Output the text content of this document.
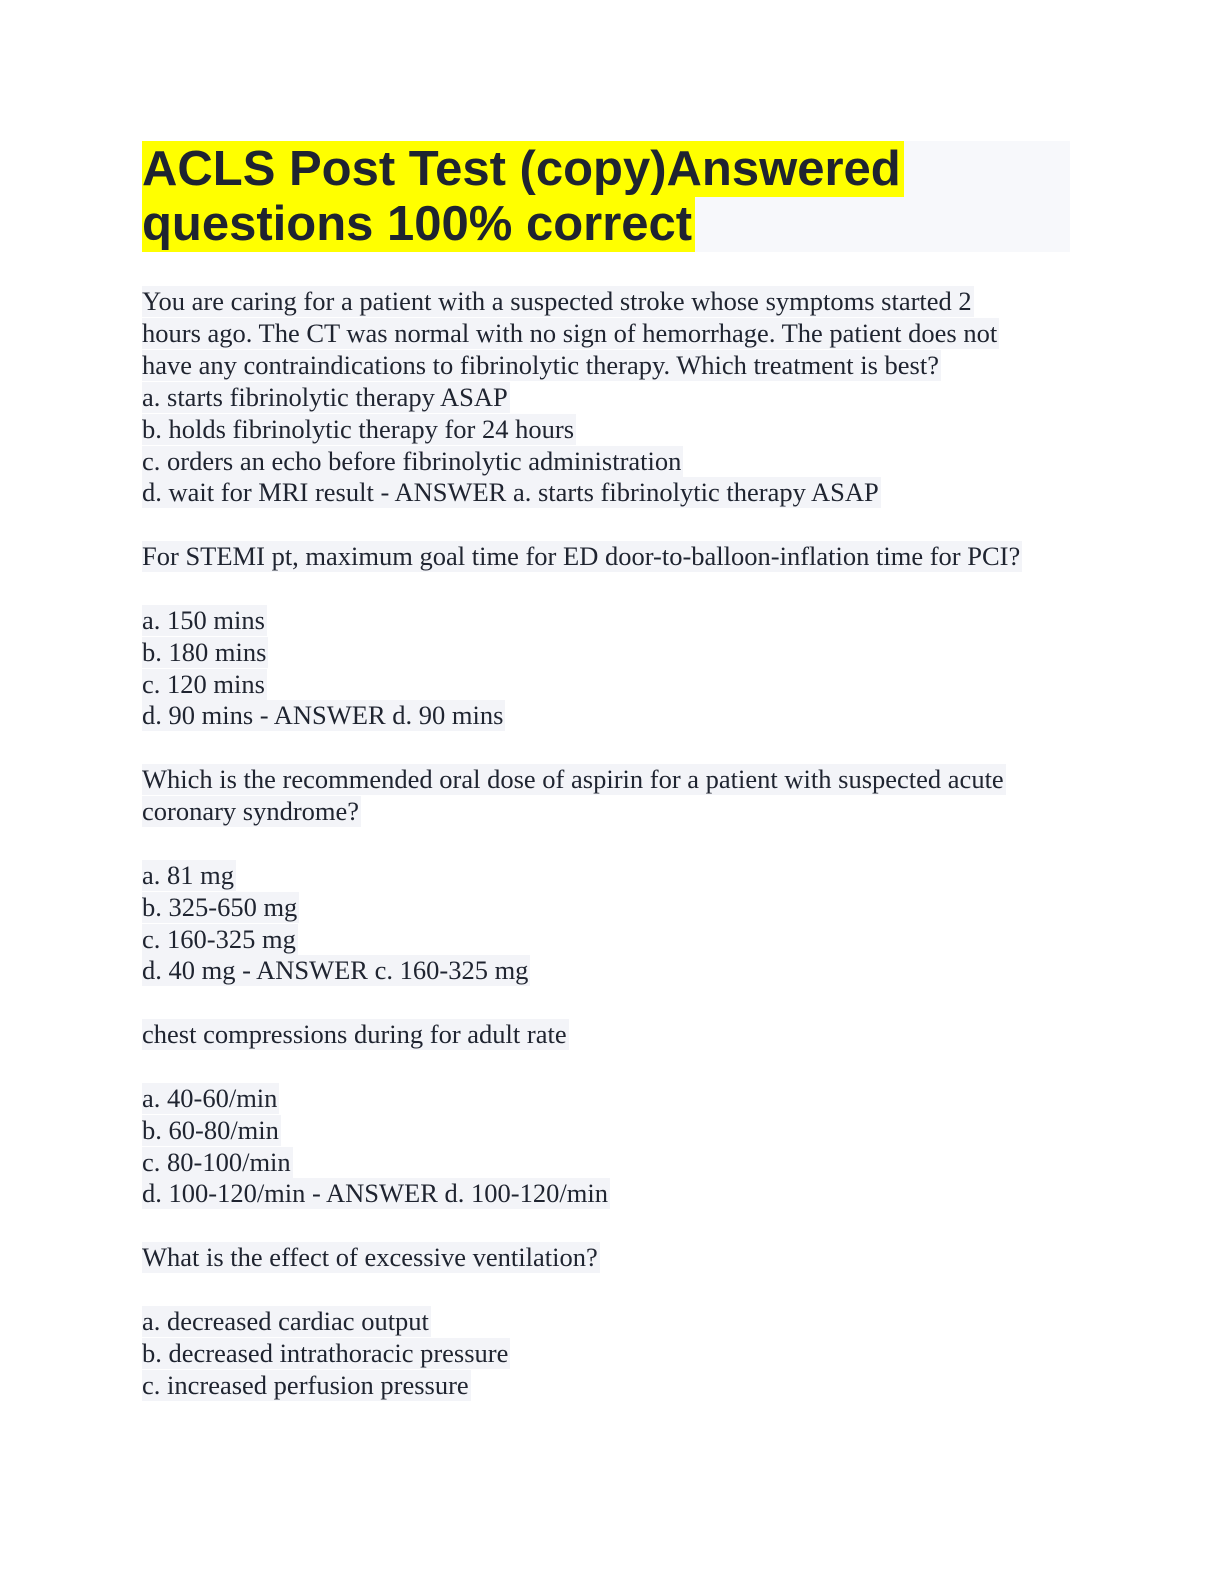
ACLS Post Test (copy)Answered
questions 100% correct
You are caring for a patient with a suspected stroke whose symptoms started 2
hours ago. The CT was normal with no sign of hemorrhage. The patient does not
have any contraindications to fibrinolytic therapy. Which treatment is best?
a. starts fibrinolytic therapy ASAP
b. holds fibrinolytic therapy for 24 hours
c. orders an echo before fibrinolytic administration
d. wait for MRI result - ANSWER a. starts fibrinolytic therapy ASAP
For STEMI pt, maximum goal time for ED door-to-balloon-inflation time for PCI?
a. 150 mins
b. 180 mins
c. 120 mins
d. 90 mins - ANSWER d. 90 mins
Which is the recommended oral dose of aspirin for a patient with suspected acute
coronary syndrome?
a. 81 mg
b. 325-650 mg
c. 160-325 mg
d. 40 mg - ANSWER c. 160-325 mg
chest compressions during for adult rate
a. 40-60/min
b. 60-80/min
c. 80-100/min
d. 100-120/min - ANSWER d. 100-120/min
What is the effect of excessive ventilation?
a. decreased cardiac output
b. decreased intrathoracic pressure
c. increased perfusion pressure
